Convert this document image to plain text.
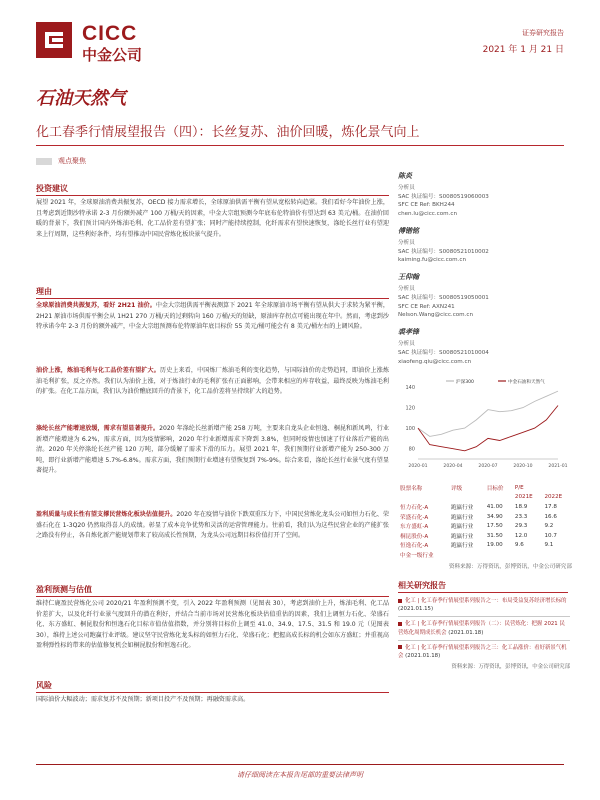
CICC
中金公司
证券研究报告
2021 年 1 月 21 日
石油天然气
化工春季行情展望报告（四）：长丝复苏、油价回暖，炼化景气向上
观点聚焦
投资建议
展望 2021 年，全球原油消费共振复苏，OECD 接力需求增长，全球原油供需平衡有望从宽松转向趋紧。我们看好今年油价上涨，且考虑到近期沙特承诺 2-3 月份额外减产 100 万桶/天的因素，中金大宗组预测今年底布伦特油价有望达到 63 美元/桶。在油价回暖的背景下，我们预计国内外炼油毛利、化工品价差有望扩张；同时产能持续控制，化纤需求有望快速恢复，涤纶长丝行业有望迎来上行周期，这些利好条件，均有望推动中国民营炼化板块景气提升。
理由
全球原油消费共振复苏，看好 2H21 油价。中金大宗组供需平衡表测算下 2021 年全球原油市场平衡有望从供大于求转为紧平衡，2H21 原油市场供需平衡会从 1H21 270 万桶/天的过剩转向 160 万桶/天的短缺，原油库存拐点可能出现在年中。然而，考虑到沙特承诺今年 2-3 月份的额外减产，中金大宗组预测布伦特原油年底目标价 55 美元/桶可能会有 8 美元/桶左右的上调风险。
油价上涨，炼油毛利与化工品价差有望扩大。历史上来看，中国炼厂炼油毛利的变化趋势，与国际油价的走势趋同，即油价上涨炼油毛利扩张，反之亦然。我们认为油价上涨，对于炼油行业的毛利扩张有正面影响，会带来相应的库存收益，最终反映为炼油毛利的扩张。在化工品方面，我们认为油价醮底回升的背景下，化工品价差将呈持续扩大的趋势。
涤纶长丝产能增速放缓，需求有望显著提升。2020 年涤纶长丝新增产能 258 万吨，主要来自龙头企业恒逸、桐昆和新凤鸣，行业新增产能增速为 6.2%，需求方面，因为疫情影响，2020 年行业新增需求下降到 3.8%，但同时疫情也加速了行业落后产能的出清。2020 年关停涤纶长丝产能 120 万吨，部分缓解了需求下滑的压力。展望 2021 年，我们预期行业新增产能为 250-300 万吨，即行业新增产能增速 5.7%-6.8%。需求方面，我们预期行业增速有望恢复到 7%-9%。综合来看，涤纶长丝行业景气度有望显著提升。
盈利质量与成长性有望支撑民营炼化板块估值提升。2020 年在疫情与油价下跌双重压力下，中国民营炼化龙头公司如恒力石化、荣盛石化在 1-3Q20 仍然取得喜人的成绩。彰显了成本竞争优势和灵活的运营管理能力。往前看，我们认为这些民营企业的产能扩张之路没有停止，各自炼化新产能规划带来了较高成长性预期，为龙头公司远期目标价值打开了空间。
盈利预测与估值
维持仁鹿盈民营炼化公司 2020/21 年盈利预测不变，引入 2022 年盈利预测（见图表 30），考虑到油价上升，炼油毛利、化工品价差扩大，以及化纤行业景气度回升的潜在利好，并结合当前市场对民营炼化板块估值重估的因素，我们上调恒力石化、荣盛石化、东方盛虹、桐昆股份和恒逸石化目标市值估值指数，并分别将目标价上调至 41.0、34.9、17.5、31.5 和 19.0 元（见图表 30），维持上述公司跑赢行业评级。建议坚守民营炼化龙头标的如恒力石化、荣盛石化；把握高成长标的机会如东方盛虹；并重视高盈利弹性标的带来的估值修复机会如桐昆股份和恒逸石化。
风险
国际油价大幅波动；需求复苏不及预期；新项目投产不及预期；再融资需求高。
陈炎
分析员
SAC 执证编号：S0080519060003
SFC CE Ref: BKH244
chen.lu@cicc.com.cn
傅锴铭
分析员
SAC 执证编号：S0080521010002
kaiming.fu@cicc.com.cn
王仰翰
分析员
SAC 执证编号：S0080519050001
SFC CE Ref: AXN241
Nelson.Wang@cicc.com.cn
裘孝锋
分析员
SAC 执证编号：S0080521010004
xiaofeng.qiu@cicc.com.cn
140
120
100
80
2020-01	2020-04	2020-07	2020-10	2021-01
沪深300	中金石油和天然气
股票名称	评级	目标价	P/E	
			2021E	2022E
恒力石化-A	跑赢行业	41.00	18.9	17.8
荣盛石化-A	跑赢行业	34.90	23.3	16.6
东方盛虹-A	跑赢行业	17.50	29.3	9.2
桐昆股份-A	跑赢行业	31.50	12.0	10.7
恒逸石化-A	跑赢行业	19.00	9.6	9.1
中金一级行业				
资料来源：万得资讯，彭博资讯，中金公司研究部
相关研究报告
化工 | 化工春季行情展望系列报告之一：布局受益复苏经济增长标的 (2021.01.15)
化工 | 化工春季行情展望系列报告（二）：民营炼化：把握 2021 民营炼化周期成长机会 (2021.01.18)
化工 | 化工春季行情展望系列报告之三：化工品涨价：看好新景气机会 (2021.01.18)
资料来源：万得资讯，彭博资讯，中金公司研究部
请仔细阅读在本报告尾部的重要法律声明
